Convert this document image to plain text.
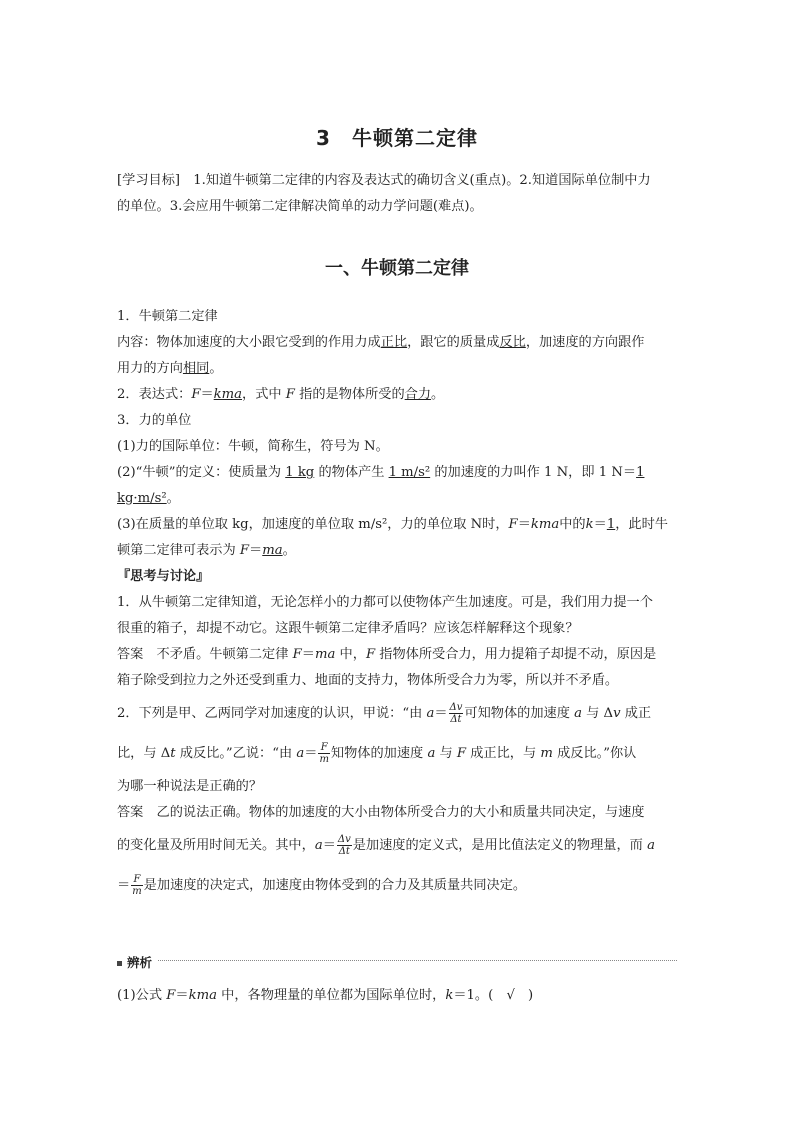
3　牛顿第二定律
[学习目标]　1.知道牛顿第二定律的内容及表达式的确切含义(重点)。2.知道国际单位制中力
的单位。3.会应用牛顿第二定律解决简单的动力学问题(难点)。
一、牛顿第二定律
1．牛顿第二定律
内容：物体加速度的大小跟它受到的作用力成正比，跟它的质量成反比，加速度的方向跟作
用力的方向相同。
2．表达式：F＝kma，式中 F 指的是物体所受的合力。
3．力的单位
(1)力的国际单位：牛顿，简称生，符号为 N。
(2)“牛顿”的定义：使质量为 1 kg 的物体产生 1 m/s² 的加速度的力叫作 1 N，即 1 N＝1
kg·m/s²。
(3)在质量的单位取 kg，加速度的单位取 m/s²，力的单位取 N时，F＝kma中的k＝1，此时牛
顿第二定律可表示为 F＝ma。
『思考与讨论』
1．从牛顿第二定律知道，无论怎样小的力都可以使物体产生加速度。可是，我们用力提一个
很重的箱子，却提不动它。这跟牛顿第二定律矛盾吗？应该怎样解释这个现象？
答案　不矛盾。牛顿第二定律 F＝ma 中，F 指物体所受合力，用力提箱子却提不动，原因是
箱子除受到拉力之外还受到重力、地面的支持力，物体所受合力为零，所以并不矛盾。
2．下列是甲、乙两同学对加速度的认识，甲说：“由 $a= \frac{\Delta v}{\Delta t}$ 可知物体的加速度 a 与 Δv 成正
比，与 Δt 成反比。”乙说：“由 $a= \frac{F}{m}$ 知物体的加速度 a 与 F 成正比，与 m 成反比。”你认
为哪一种说法是正确的？
答案　乙的说法正确。物体的加速度的大小由物体所受合力的大小和质量共同决定，与速度
的变化量及所用时间无关。其中，$a= \frac{\Delta v}{\Delta t}$ 是加速度的定义式，是用比值法定义的物理量，而 a
＝ $\frac{F}{m}$ 是加速度的决定式，加速度由物体受到的合力及其质量共同决定。
辨析
(1)公式 F＝kma 中，各物理量的单位都为国际单位时，k＝1。(　√　)
